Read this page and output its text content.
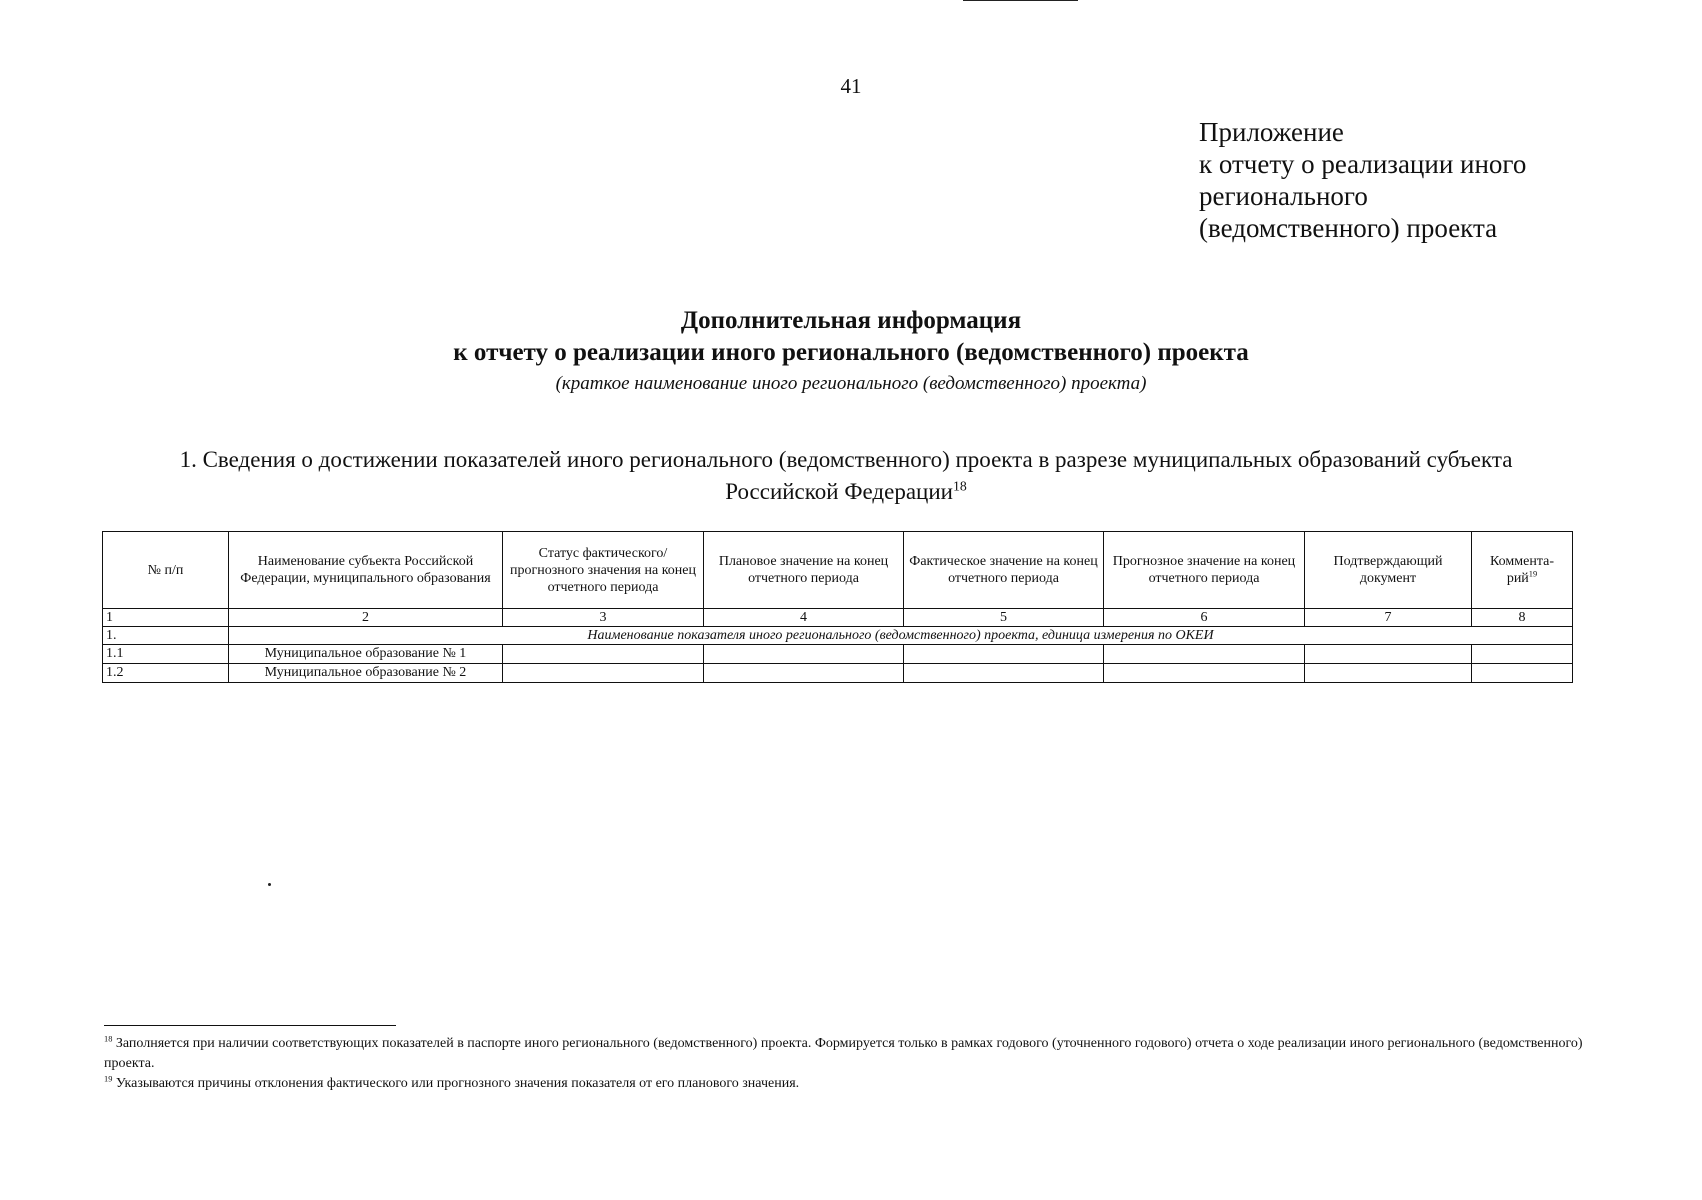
41
Приложение
к отчету о реализации иного
регионального
(ведомственного) проекта
Дополнительная информация
к отчету о реализации иного регионального (ведомственного) проекта
(краткое наименование иного регионального (ведомственного) проекта)
1. Сведения о достижении показателей иного регионального (ведомственного) проекта в разрезе муниципальных образований субъекта
Российской Федерации$^{18}$
№ п/п	Наименование субъекта Российской Федерации, муниципального образования	Статус фактического/ прогнозного значения на конец отчетного периода	Плановое значение на конец отчетного периода	Фактическое значение на конец отчетного периода	Прогнозное значение на конец отчетного периода	Подтверждающий документ	Коммента-рий$^{19}$
1	2	3	4	5	6	7	8
1.	Наименование показателя иного регионального (ведомственного) проекта, единица измерения по ОКЕИ						
1.1	Муниципальное образование № 1						
1.2	Муниципальное образование № 2						

$^{18}$ Заполняется при наличии соответствующих показателей в паспорте иного регионального (ведомственного) проекта. Формируется только в рамках годового (уточненного годового) отчета о ходе реализации иного регионального (ведомственного) проекта.

$^{19}$ Указываются причины отклонения фактического или прогнозного значения показателя от его планового значения.
